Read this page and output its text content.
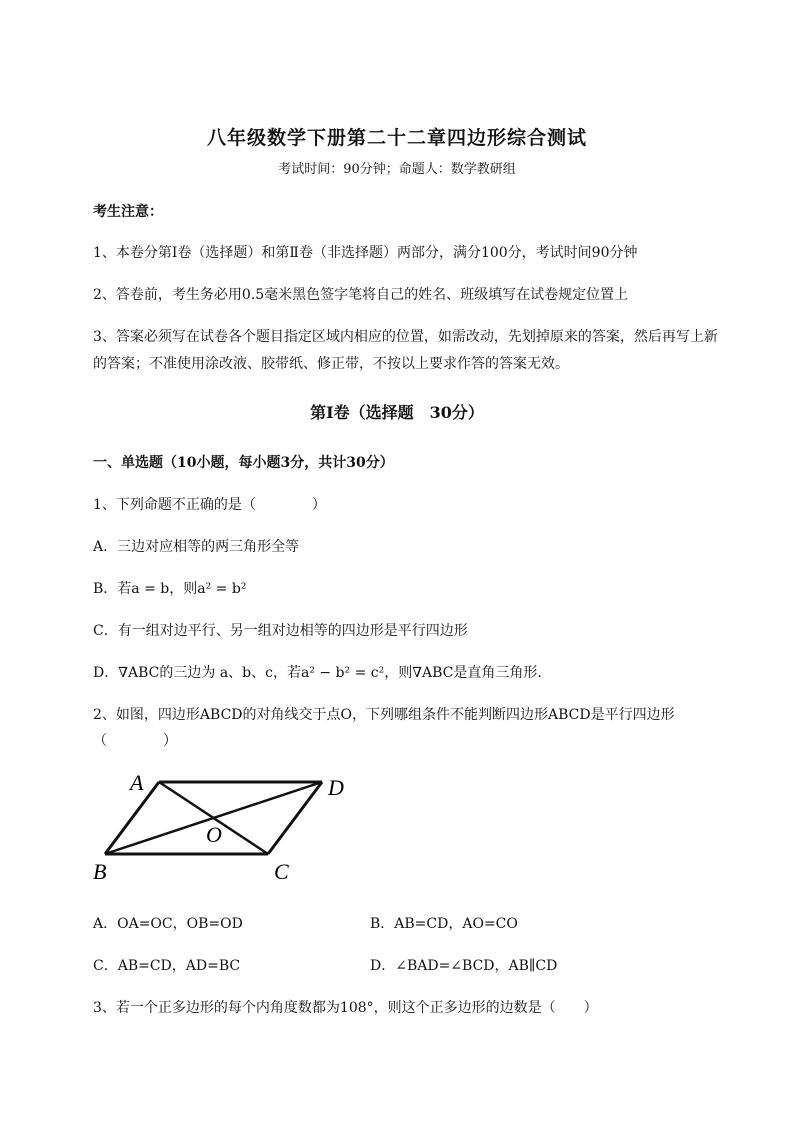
八年级数学下册第二十二章四边形综合测试
考试时间：90分钟；命题人：数学教研组
考生注意：
1、本卷分第Ⅰ卷（选择题）和第Ⅱ卷（非选择题）两部分，满分100分，考试时间90分钟
2、答卷前，考生务必用0.5毫米黑色签字笔将自己的姓名、班级填写在试卷规定位置上
3、答案必须写在试卷各个题目指定区域内相应的位置，如需改动，先划掉原来的答案，然后再写上新
的答案；不准使用涂改液、胶带纸、修正带，不按以上要求作答的答案无效。
第Ⅰ卷（选择题　30分）
一、单选题（10小题，每小题3分，共计30分）
1、下列命题不正确的是（　　　　）
A．三边对应相等的两三角形全等
B．若a = b，则a² = b²
C．有一组对边平行、另一组对边相等的四边形是平行四边形
D．∇ABC的三边为 a、b、c，若a² − b² = c²，则∇ABC是直角三角形．
2、如图，四边形ABCD的对角线交于点O，下列哪组条件不能判断四边形ABCD是平行四边形
（　　　　）
A	D
B	C
O
A．OA=OC，OB=OD	B．AB=CD，AO=CO
C．AB=CD，AD=BC	D．∠BAD=∠BCD，AB∥CD
3、若一个正多边形的每个内角度数都为108°，则这个正多边形的边数是（　　）
